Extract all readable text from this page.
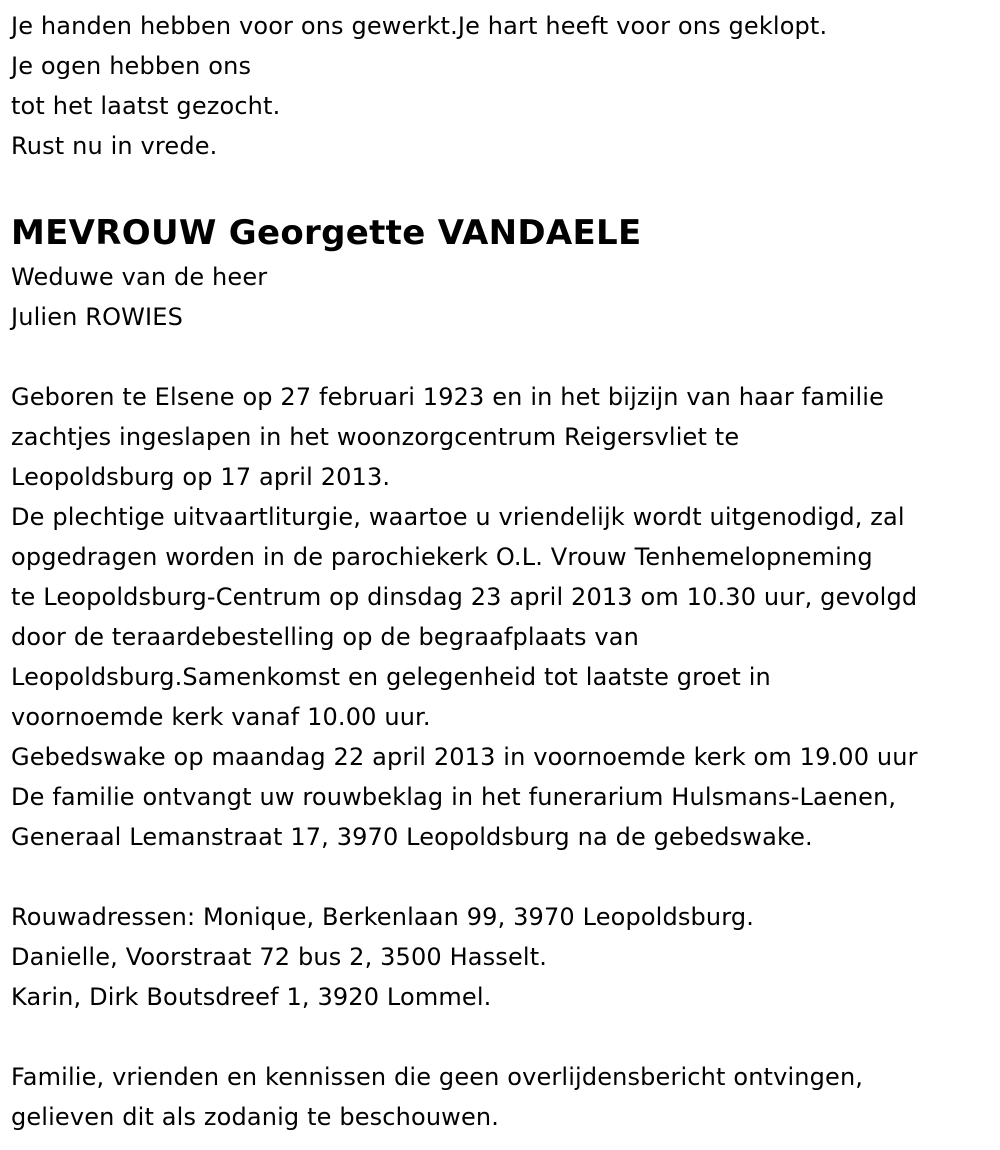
Je handen hebben voor ons gewerkt.Je hart heeft voor ons geklopt.
Je ogen hebben ons
tot het laatst gezocht.
Rust nu in vrede.
MEVROUW Georgette VANDAELE
Weduwe van de heer
Julien ROWIES
Geboren te Elsene op 27 februari 1923 en in het bijzijn van haar familie
zachtjes ingeslapen in het woonzorgcentrum Reigersvliet te
Leopoldsburg op 17 april 2013.
De plechtige uitvaartliturgie, waartoe u vriendelijk wordt uitgenodigd, zal
opgedragen worden in de parochiekerk O.L. Vrouw Tenhemelopneming
te Leopoldsburg-Centrum op dinsdag 23 april 2013 om 10.30 uur, gevolgd
door de teraardebestelling op de begraafplaats van
Leopoldsburg.Samenkomst en gelegenheid tot laatste groet in
voornoemde kerk vanaf 10.00 uur.
Gebedswake op maandag 22 april 2013 in voornoemde kerk om 19.00 uur
De familie ontvangt uw rouwbeklag in het funerarium Hulsmans-Laenen,
Generaal Lemanstraat 17, 3970 Leopoldsburg na de gebedswake.
Rouwadressen: Monique, Berkenlaan 99, 3970 Leopoldsburg.
Danielle, Voorstraat 72 bus 2, 3500 Hasselt.
Karin, Dirk Boutsdreef 1, 3920 Lommel.
Familie, vrienden en kennissen die geen overlijdensbericht ontvingen,
gelieven dit als zodanig te beschouwen.
